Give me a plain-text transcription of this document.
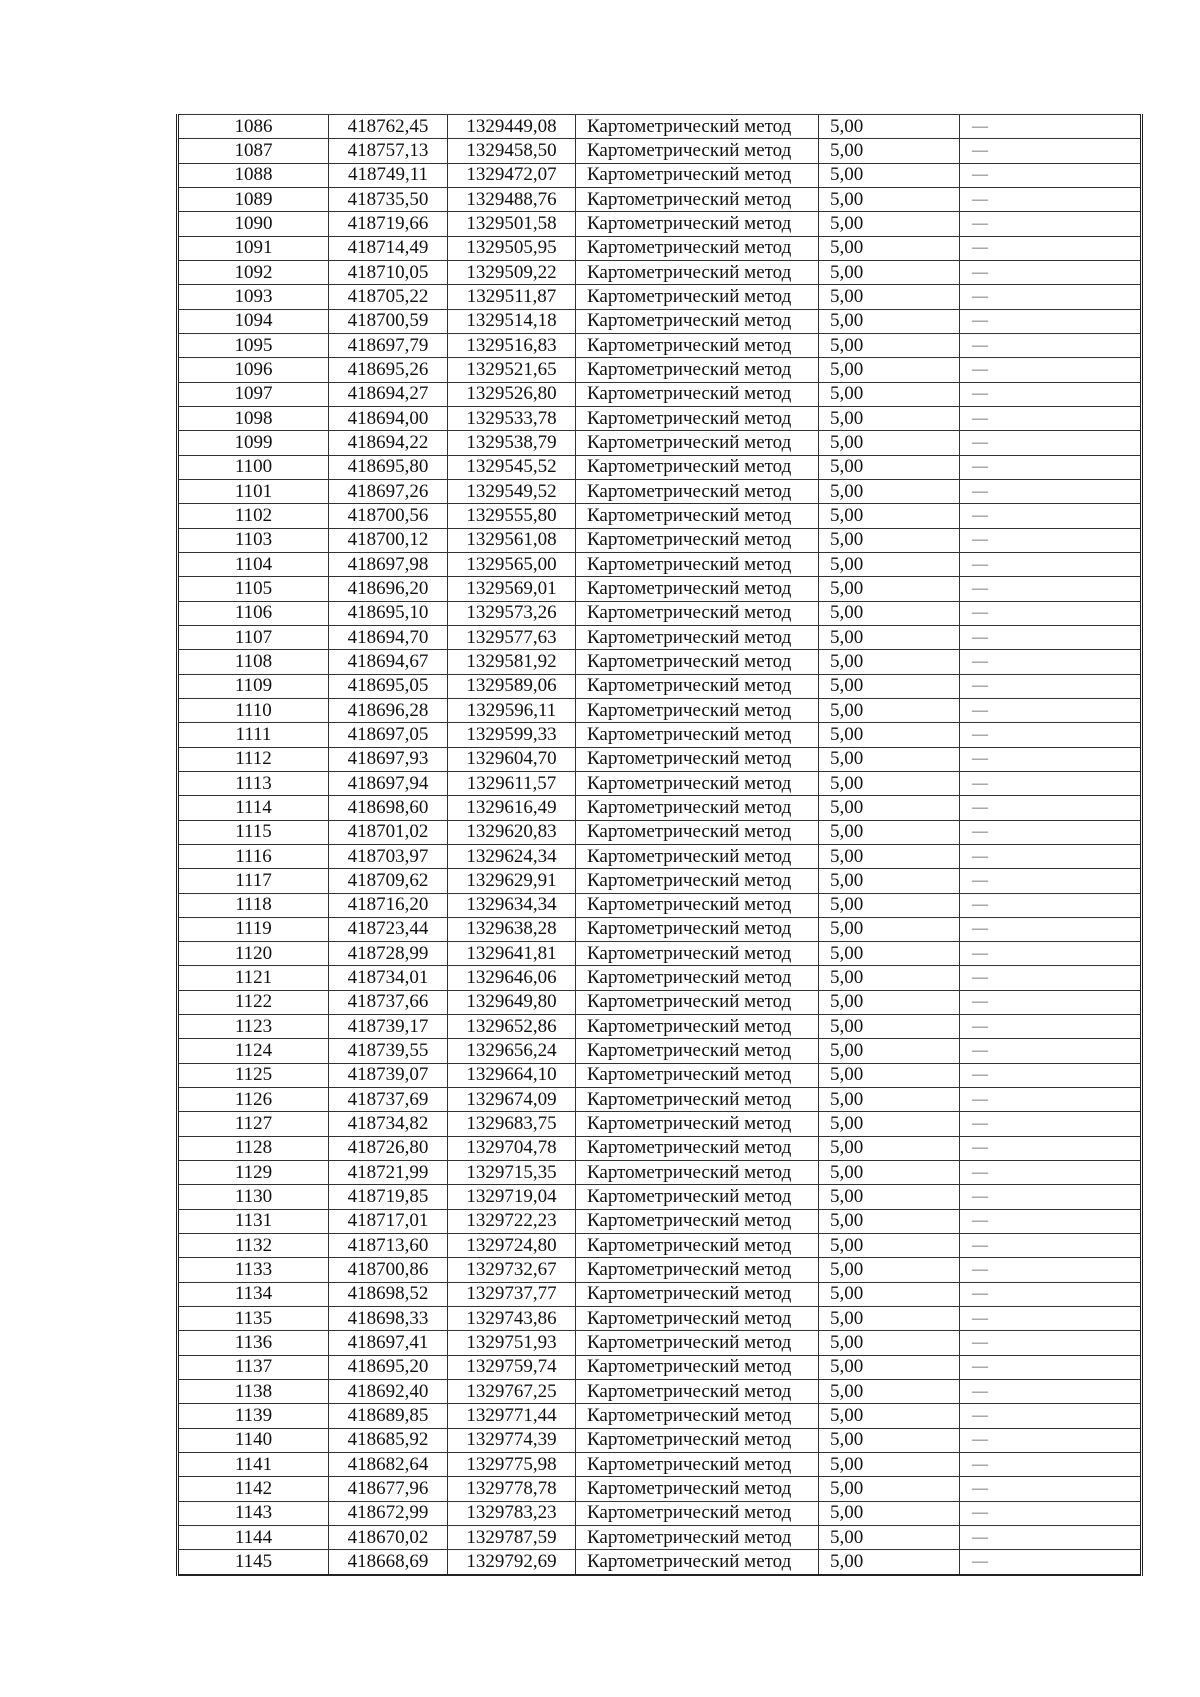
1086	418762,45	1329449,08	Картометрический метод	5,00	—
1087	418757,13	1329458,50	Картометрический метод	5,00	—
1088	418749,11	1329472,07	Картометрический метод	5,00	—
1089	418735,50	1329488,76	Картометрический метод	5,00	—
1090	418719,66	1329501,58	Картометрический метод	5,00	—
1091	418714,49	1329505,95	Картометрический метод	5,00	—
1092	418710,05	1329509,22	Картометрический метод	5,00	—
1093	418705,22	1329511,87	Картометрический метод	5,00	—
1094	418700,59	1329514,18	Картометрический метод	5,00	—
1095	418697,79	1329516,83	Картометрический метод	5,00	—
1096	418695,26	1329521,65	Картометрический метод	5,00	—
1097	418694,27	1329526,80	Картометрический метод	5,00	—
1098	418694,00	1329533,78	Картометрический метод	5,00	—
1099	418694,22	1329538,79	Картометрический метод	5,00	—
1100	418695,80	1329545,52	Картометрический метод	5,00	—
1101	418697,26	1329549,52	Картометрический метод	5,00	—
1102	418700,56	1329555,80	Картометрический метод	5,00	—
1103	418700,12	1329561,08	Картометрический метод	5,00	—
1104	418697,98	1329565,00	Картометрический метод	5,00	—
1105	418696,20	1329569,01	Картометрический метод	5,00	—
1106	418695,10	1329573,26	Картометрический метод	5,00	—
1107	418694,70	1329577,63	Картометрический метод	5,00	—
1108	418694,67	1329581,92	Картометрический метод	5,00	—
1109	418695,05	1329589,06	Картометрический метод	5,00	—
1110	418696,28	1329596,11	Картометрический метод	5,00	—
1111	418697,05	1329599,33	Картометрический метод	5,00	—
1112	418697,93	1329604,70	Картометрический метод	5,00	—
1113	418697,94	1329611,57	Картометрический метод	5,00	—
1114	418698,60	1329616,49	Картометрический метод	5,00	—
1115	418701,02	1329620,83	Картометрический метод	5,00	—
1116	418703,97	1329624,34	Картометрический метод	5,00	—
1117	418709,62	1329629,91	Картометрический метод	5,00	—
1118	418716,20	1329634,34	Картометрический метод	5,00	—
1119	418723,44	1329638,28	Картометрический метод	5,00	—
1120	418728,99	1329641,81	Картометрический метод	5,00	—
1121	418734,01	1329646,06	Картометрический метод	5,00	—
1122	418737,66	1329649,80	Картометрический метод	5,00	—
1123	418739,17	1329652,86	Картометрический метод	5,00	—
1124	418739,55	1329656,24	Картометрический метод	5,00	—
1125	418739,07	1329664,10	Картометрический метод	5,00	—
1126	418737,69	1329674,09	Картометрический метод	5,00	—
1127	418734,82	1329683,75	Картометрический метод	5,00	—
1128	418726,80	1329704,78	Картометрический метод	5,00	—
1129	418721,99	1329715,35	Картометрический метод	5,00	—
1130	418719,85	1329719,04	Картометрический метод	5,00	—
1131	418717,01	1329722,23	Картометрический метод	5,00	—
1132	418713,60	1329724,80	Картометрический метод	5,00	—
1133	418700,86	1329732,67	Картометрический метод	5,00	—
1134	418698,52	1329737,77	Картометрический метод	5,00	—
1135	418698,33	1329743,86	Картометрический метод	5,00	—
1136	418697,41	1329751,93	Картометрический метод	5,00	—
1137	418695,20	1329759,74	Картометрический метод	5,00	—
1138	418692,40	1329767,25	Картометрический метод	5,00	—
1139	418689,85	1329771,44	Картометрический метод	5,00	—
1140	418685,92	1329774,39	Картометрический метод	5,00	—
1141	418682,64	1329775,98	Картометрический метод	5,00	—
1142	418677,96	1329778,78	Картометрический метод	5,00	—
1143	418672,99	1329783,23	Картометрический метод	5,00	—
1144	418670,02	1329787,59	Картометрический метод	5,00	—
1145	418668,69	1329792,69	Картометрический метод	5,00	—
